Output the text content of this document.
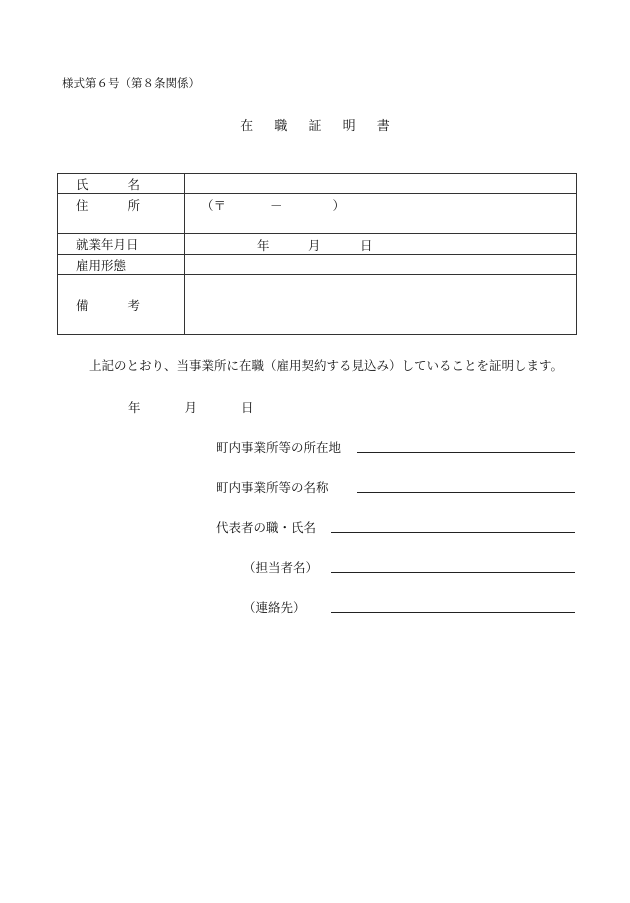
様式第６号（第８条関係）
在 職 証 明 書
氏 名	

住 所	（〒 － ）

就業年月日	年 月 日

雇用形態	

備 考	

上記のとおり、当事業所に在職（雇用契約する見込み）していることを証明します。
年	月	日
町内事業所等の所在地
町内事業所等の名称
代表者の職・氏名
（担当者名）
（連絡先）
